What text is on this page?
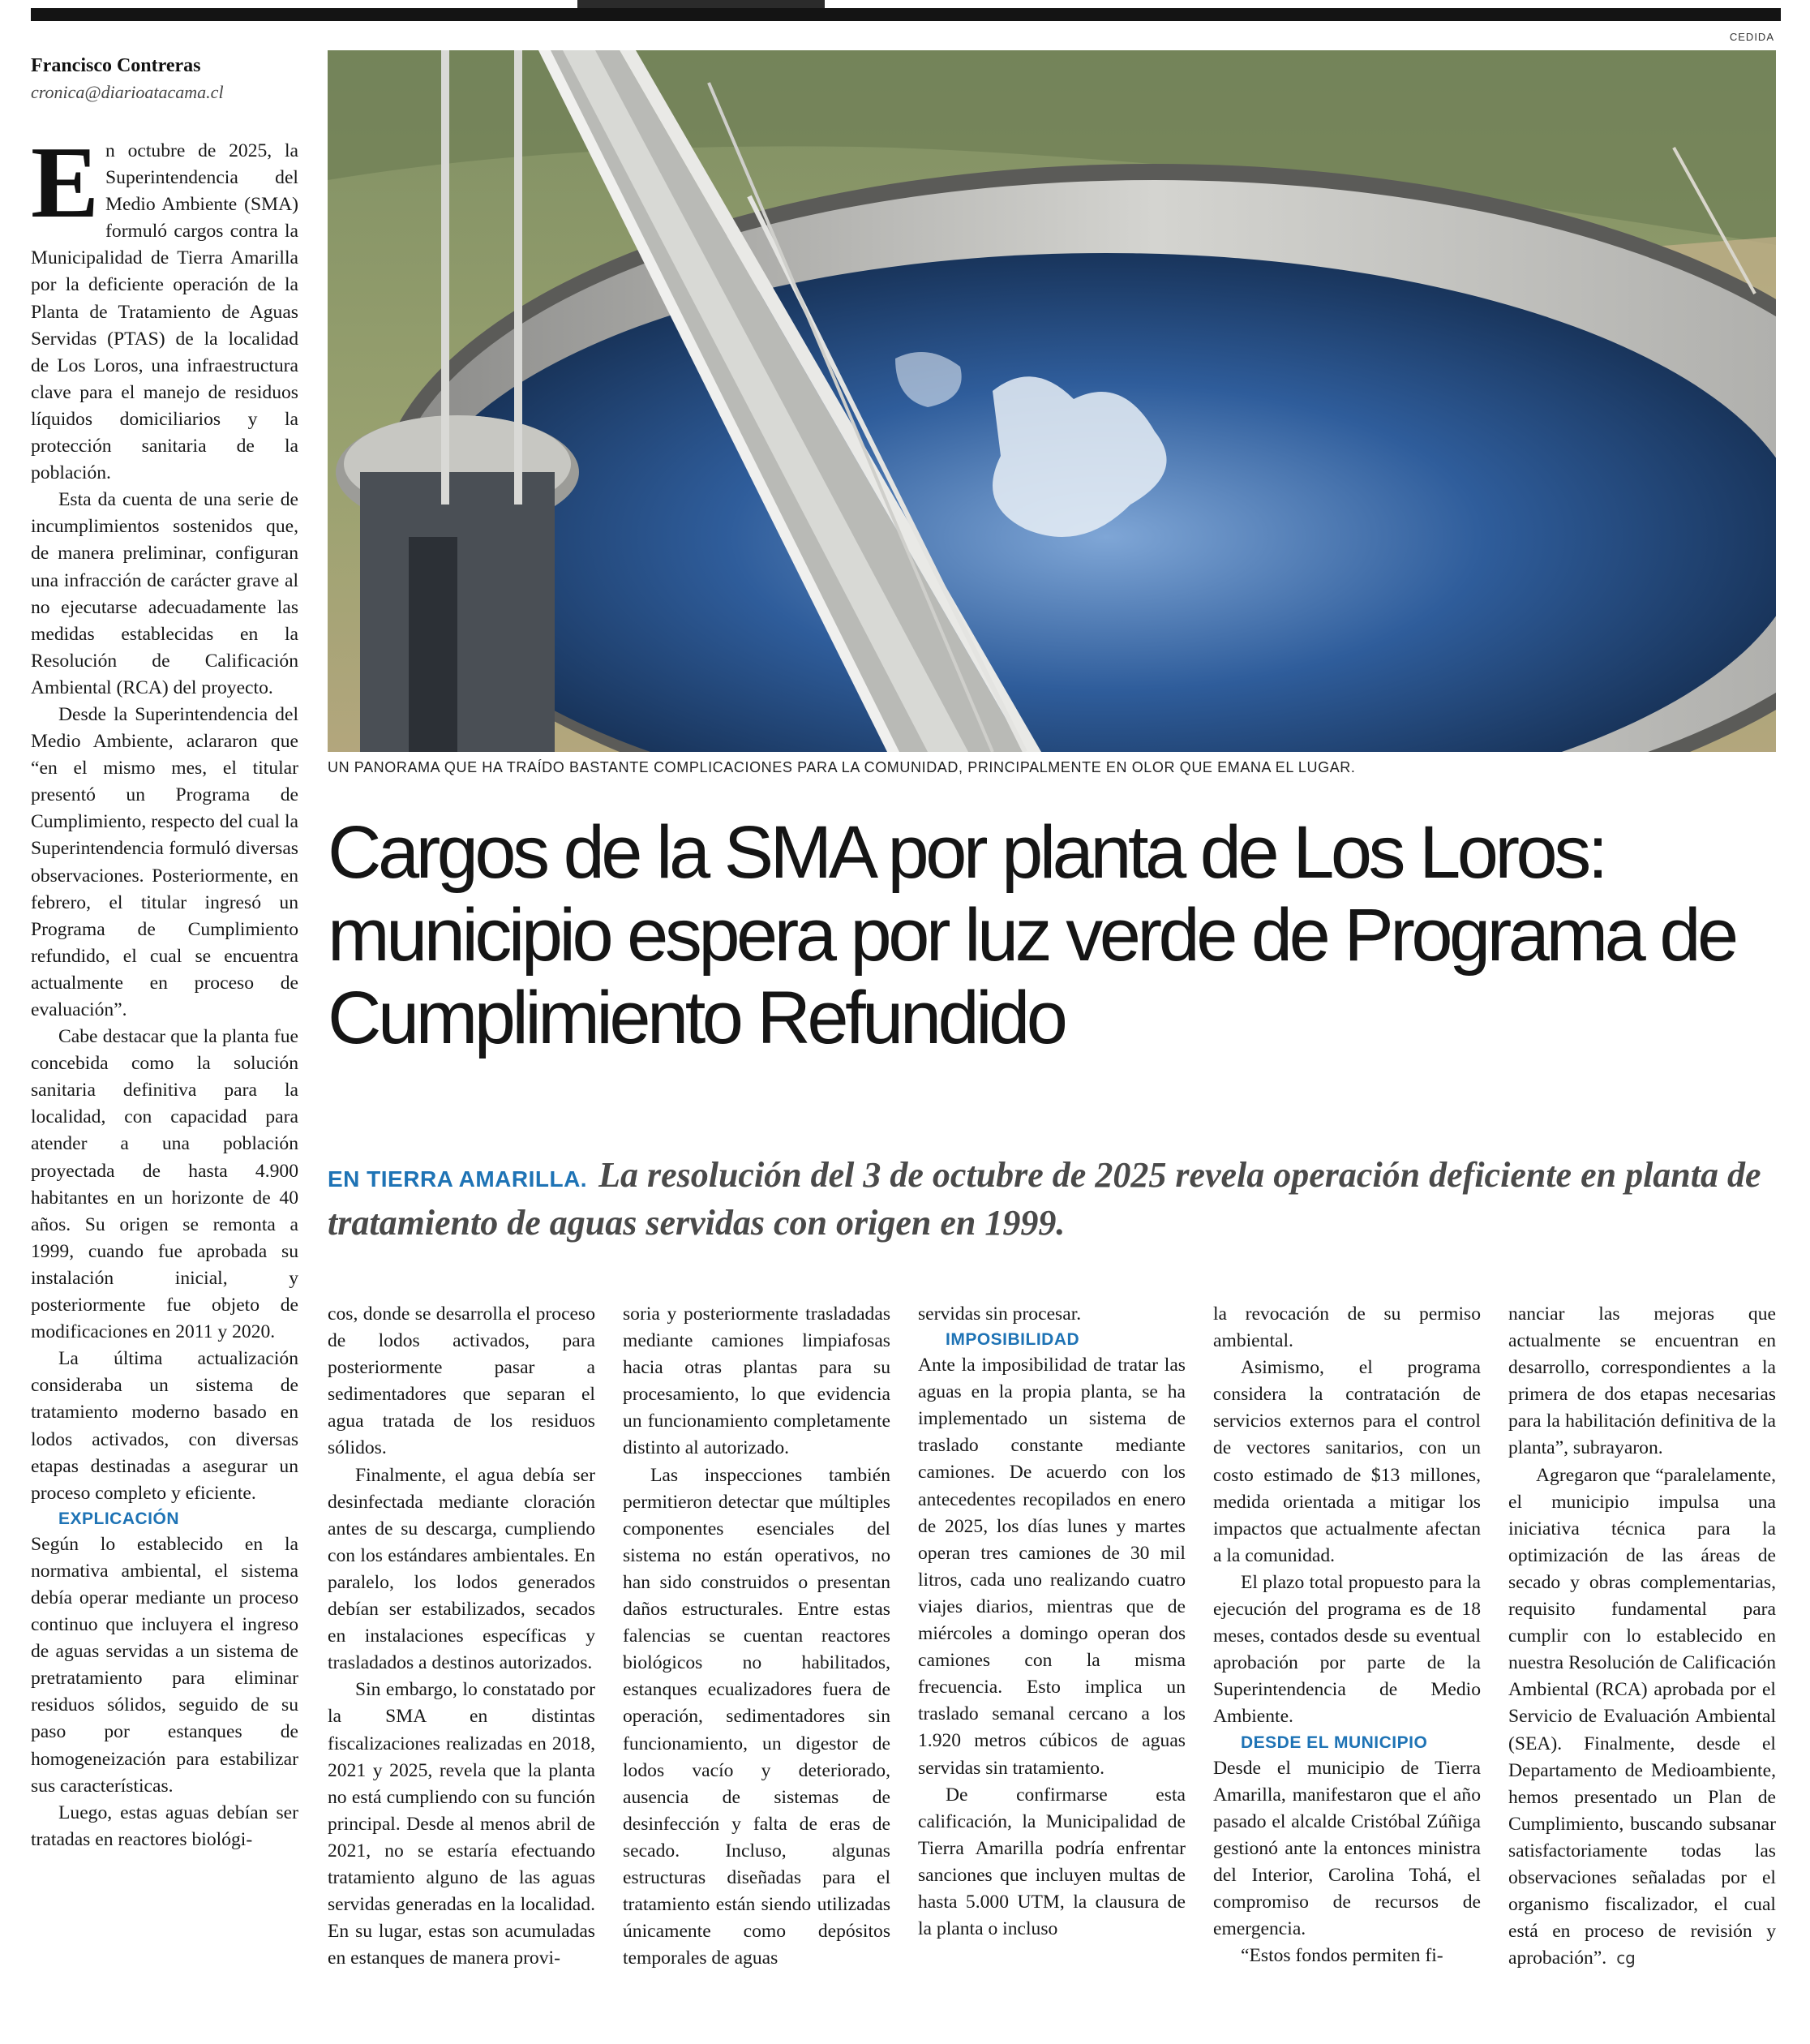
Francisco Contreras

cronica@diarioatacama.cl

En octubre de 2025, la Superintendencia del Medio Ambiente (SMA) formuló cargos contra la Municipalidad de Tierra Amarilla por la deficiente operación de la Planta de Tratamiento de Aguas Servidas (PTAS) de la localidad de Los Loros, una infraestructura clave para el manejo de residuos líquidos domiciliarios y la protección sanitaria de la población.

Esta da cuenta de una serie de incumplimientos sostenidos que, de manera preliminar, configuran una infracción de carácter grave al no ejecutarse adecuadamente las medidas establecidas en la Resolución de Calificación Ambiental (RCA) del proyecto.

Desde la Superintendencia del Medio Ambiente, aclararon que “en el mismo mes, el titular presentó un Programa de Cumplimiento, respecto del cual la Superintendencia formuló diversas observaciones. Posteriormente, en febrero, el titular ingresó un Programa de Cumplimiento refundido, el cual se encuentra actualmente en proceso de evaluación”.

Cabe destacar que la planta fue concebida como la solución sanitaria definitiva para la localidad, con capacidad para atender a una población proyectada de hasta 4.900 habitantes en un horizonte de 40 años. Su origen se remonta a 1999, cuando fue aprobada su instalación inicial, y posteriormente fue objeto de modificaciones en 2011 y 2020.

La última actualización consideraba un sistema de tratamiento moderno basado en lodos activados, con diversas etapas destinadas a asegurar un proceso completo y eficiente.

EXPLICACIÓN

Según lo establecido en la normativa ambiental, el sistema debía operar mediante un proceso continuo que incluyera el ingreso de aguas servidas a un sistema de pretratamiento para eliminar residuos sólidos, seguido de su paso por estanques de homogeneización para estabilizar sus características.

Luego, estas aguas debían ser tratadas en reactores biológi-

CEDIDA
UN PANORAMA QUE HA TRAÍDO BASTANTE COMPLICACIONES PARA LA COMUNIDAD, PRINCIPALMENTE EN OLOR QUE EMANA EL LUGAR.
Cargos de la SMA por planta de Los Loros: municipio espera por luz verde de Programa de Cumplimiento Refundido
EN TIERRA AMARILLA. La resolución del 3 de octubre de 2025 revela operación deficiente en planta de tratamiento de aguas servidas con origen en 1999.

cos, donde se desarrolla el proceso de lodos activados, para posteriormente pasar a sedimentadores que separan el agua tratada de los residuos sólidos.

Finalmente, el agua debía ser desinfectada mediante cloración antes de su descarga, cumpliendo con los estándares ambientales. En paralelo, los lodos generados debían ser estabilizados, secados en instalaciones específicas y trasladados a destinos autorizados.

Sin embargo, lo constatado por la SMA en distintas fiscalizaciones realizadas en 2018, 2021 y 2025, revela que la planta no está cumpliendo con su función principal. Desde al menos abril de 2021, no se estaría efectuando tratamiento alguno de las aguas servidas generadas en la localidad. En su lugar, estas son acumuladas en estanques de manera provi-

soria y posteriormente trasladadas mediante camiones limpiafosas hacia otras plantas para su procesamiento, lo que evidencia un funcionamiento completamente distinto al autorizado.

Las inspecciones también permitieron detectar que múltiples componentes esenciales del sistema no están operativos, no han sido construidos o presentan daños estructurales. Entre estas falencias se cuentan reactores biológicos no habilitados, estanques ecualizadores fuera de operación, sedimentadores sin funcionamiento, un digestor de lodos vacío y deteriorado, ausencia de sistemas de desinfección y falta de eras de secado. Incluso, algunas estructuras diseñadas para el tratamiento están siendo utilizadas únicamente como depósitos temporales de aguas

servidas sin procesar.

IMPOSIBILIDAD

Ante la imposibilidad de tratar las aguas en la propia planta, se ha implementado un sistema de traslado constante mediante camiones. De acuerdo con los antecedentes recopilados en enero de 2025, los días lunes y martes operan tres camiones de 30 mil litros, cada uno realizando cuatro viajes diarios, mientras que de miércoles a domingo operan dos camiones con la misma frecuencia. Esto implica un traslado semanal cercano a los 1.920 metros cúbicos de aguas servidas sin tratamiento.

De confirmarse esta calificación, la Municipalidad de Tierra Amarilla podría enfrentar sanciones que incluyen multas de hasta 5.000 UTM, la clausura de la planta o incluso

la revocación de su permiso ambiental.

Asimismo, el programa considera la contratación de servicios externos para el control de vectores sanitarios, con un costo estimado de $13 millones, medida orientada a mitigar los impactos que actualmente afectan a la comunidad.

El plazo total propuesto para la ejecución del programa es de 18 meses, contados desde su eventual aprobación por parte de la Superintendencia de Medio Ambiente.

DESDE EL MUNICIPIO

Desde el municipio de Tierra Amarilla, manifestaron que el año pasado el alcalde Cristóbal Zúñiga gestionó ante la entonces ministra del Interior, Carolina Tohá, el compromiso de recursos de emergencia.

“Estos fondos permiten fi-

nanciar las mejoras que actualmente se encuentran en desarrollo, correspondientes a la primera de dos etapas necesarias para la habilitación definitiva de la planta”, subrayaron.

Agregaron que “paralelamente, el municipio impulsa una iniciativa técnica para la optimización de las áreas de secado y obras complementarias, requisito fundamental para cumplir con lo establecido en nuestra Resolución de Calificación Ambiental (RCA) aprobada por el Servicio de Evaluación Ambiental (SEA). Finalmente, desde el Departamento de Medioambiente, hemos presentado un Plan de Cumplimiento, buscando subsanar satisfactoriamente todas las observaciones señaladas por el organismo fiscalizador, el cual está en proceso de revisión y aprobación”. cg
